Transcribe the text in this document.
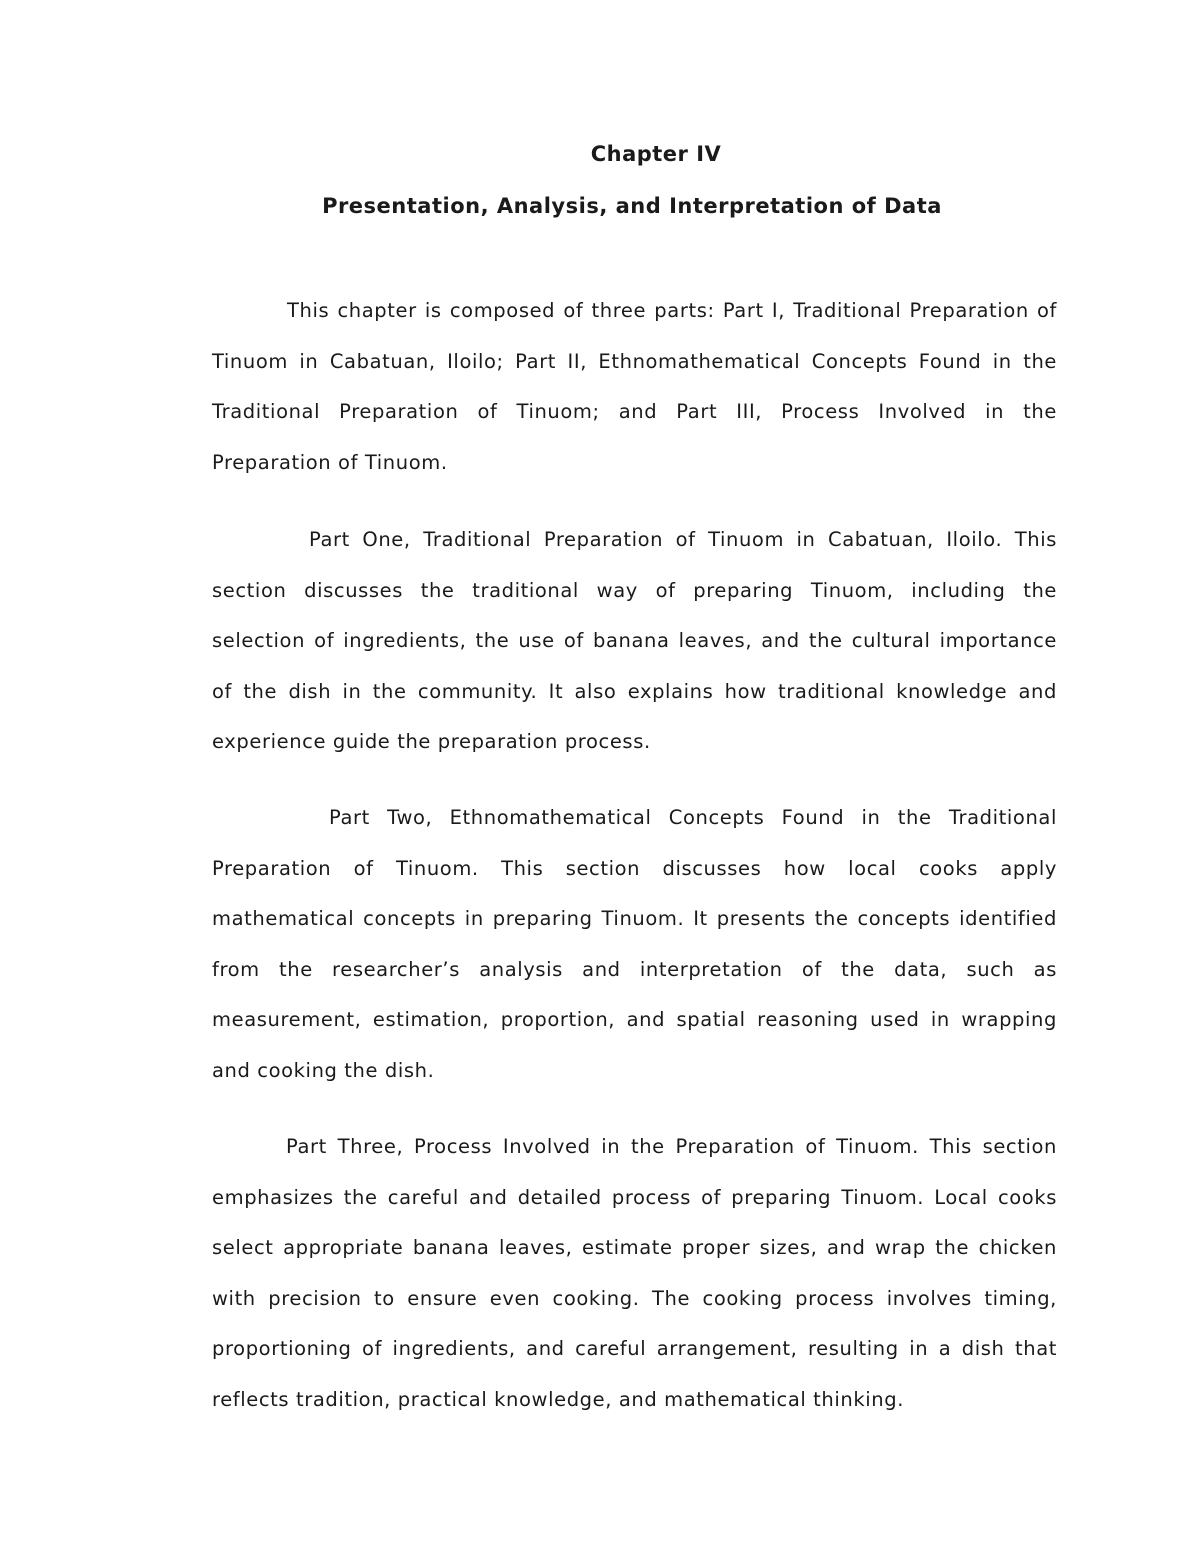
Chapter IV
Presentation, Analysis, and Interpretation of Data

This chapter is composed of three parts: Part I, Traditional Preparation of Tinuom in Cabatuan, Iloilo; Part II, Ethnomathematical Concepts Found in the Traditional Preparation of Tinuom; and Part III, Process Involved in the Preparation of Tinuom.

Part One, Traditional Preparation of Tinuom in Cabatuan, Iloilo. This section discusses the traditional way of preparing Tinuom, including the selection of ingredients, the use of banana leaves, and the cultural importance of the dish in the community. It also explains how traditional knowledge and experience guide the preparation process.

Part Two, Ethnomathematical Concepts Found in the Traditional Preparation of Tinuom. This section discusses how local cooks apply mathematical concepts in preparing Tinuom. It presents the concepts identified from the researcher’s analysis and interpretation of the data, such as measurement, estimation, proportion, and spatial reasoning used in wrapping and cooking the dish.

Part Three, Process Involved in the Preparation of Tinuom. This section emphasizes the careful and detailed process of preparing Tinuom. Local cooks select appropriate banana leaves, estimate proper sizes, and wrap the chicken with precision to ensure even cooking. The cooking process involves timing, proportioning of ingredients, and careful arrangement, resulting in a dish that reflects tradition, practical knowledge, and mathematical thinking.
